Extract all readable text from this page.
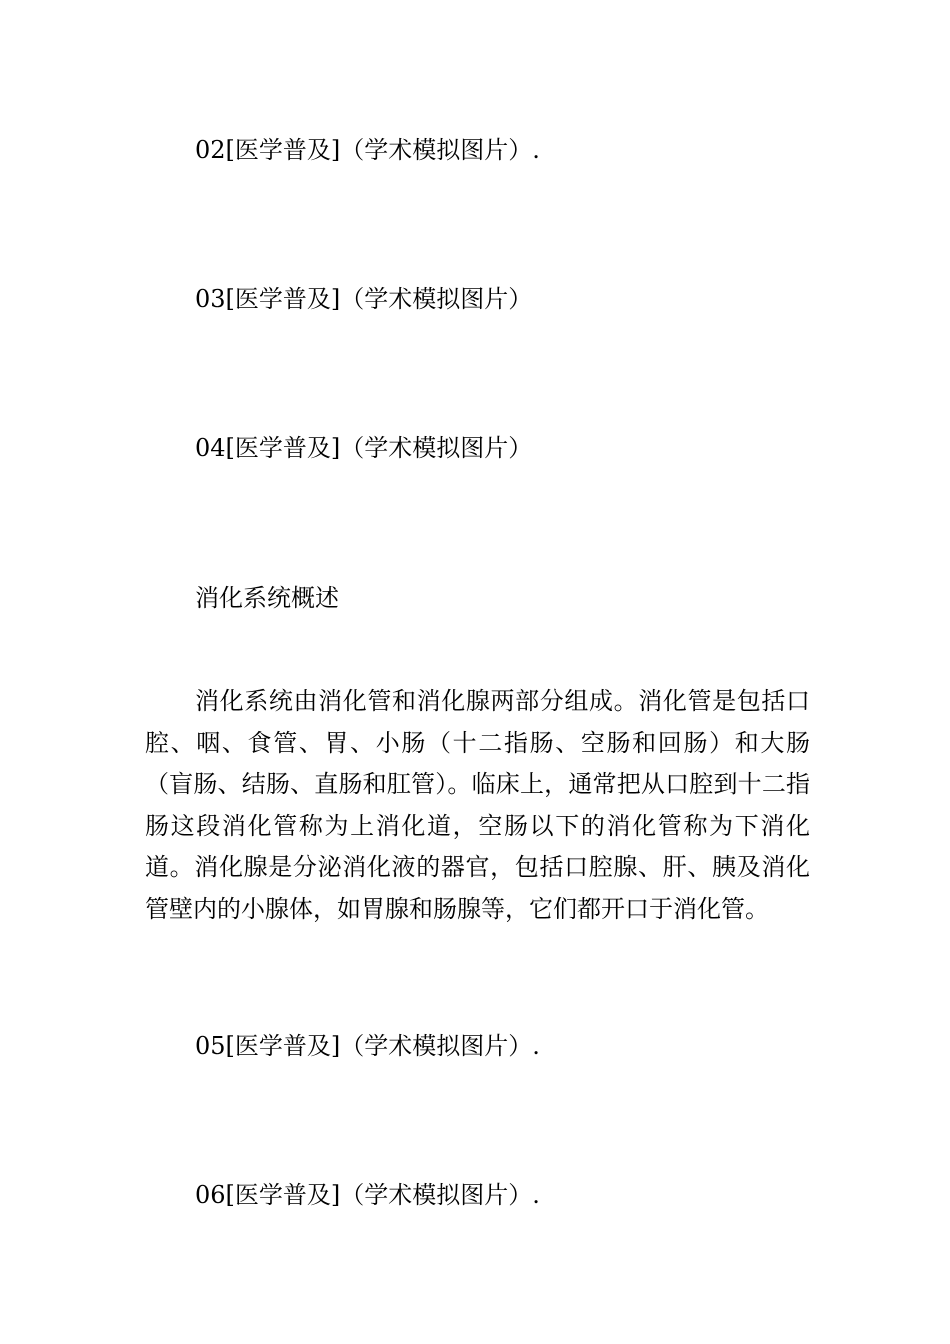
02[医学普及]（学术模拟图片）.
03[医学普及]（学术模拟图片）
04[医学普及]（学术模拟图片）
消化系统概述

消化系统由消化管和消化腺两部分组成。消化管是包括口腔、咽、食管、胃、小肠（十二指肠、空肠和回肠）和大肠（盲肠、结肠、直肠和肛管）。临床上，通常把从口腔到十二指肠这段消化管称为上消化道，空肠以下的消化管称为下消化道。消化腺是分泌消化液的器官，包括口腔腺、肝、胰及消化管壁内的小腺体，如胃腺和肠腺等，它们都开口于消化管。

05[医学普及]（学术模拟图片）.
06[医学普及]（学术模拟图片）.
